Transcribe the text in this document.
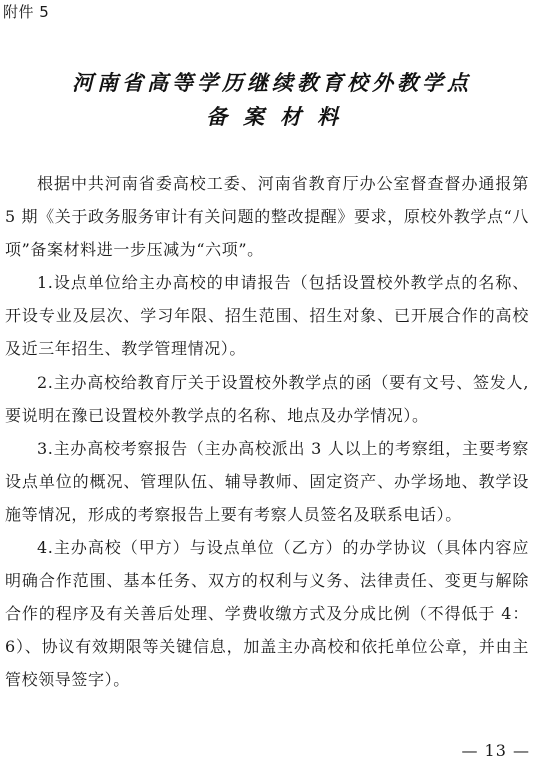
附件 5
河南省高等学历继续教育校外教学点
备案材料

根据中共河南省委高校工委、河南省教育厅办公室督查督办通报第 5 期《关于政务服务审计有关问题的整改提醒》要求，原校外教学点“八项”备案材料进一步压减为“六项”。

1.设点单位给主办高校的申请报告（包括设置校外教学点的名称、开设专业及层次、学习年限、招生范围、招生对象、已开展合作的高校及近三年招生、教学管理情况）。

2.主办高校给教育厅关于设置校外教学点的函（要有文号、签发人,要说明在豫已设置校外教学点的名称、地点及办学情况）。

3.主办高校考察报告（主办高校派出 3 人以上的考察组，主要考察设点单位的概况、管理队伍、辅导教师、固定资产、办学场地、教学设施等情况，形成的考察报告上要有考察人员签名及联系电话）。

4.主办高校（甲方）与设点单位（乙方）的办学协议（具体内容应明确合作范围、基本任务、双方的权利与义务、法律责任、变更与解除合作的程序及有关善后处理、学费收缴方式及分成比例（不得低于 4：6）、协议有效期限等关键信息，加盖主办高校和依托单位公章，并由主管校领导签字）。

— 13 —
